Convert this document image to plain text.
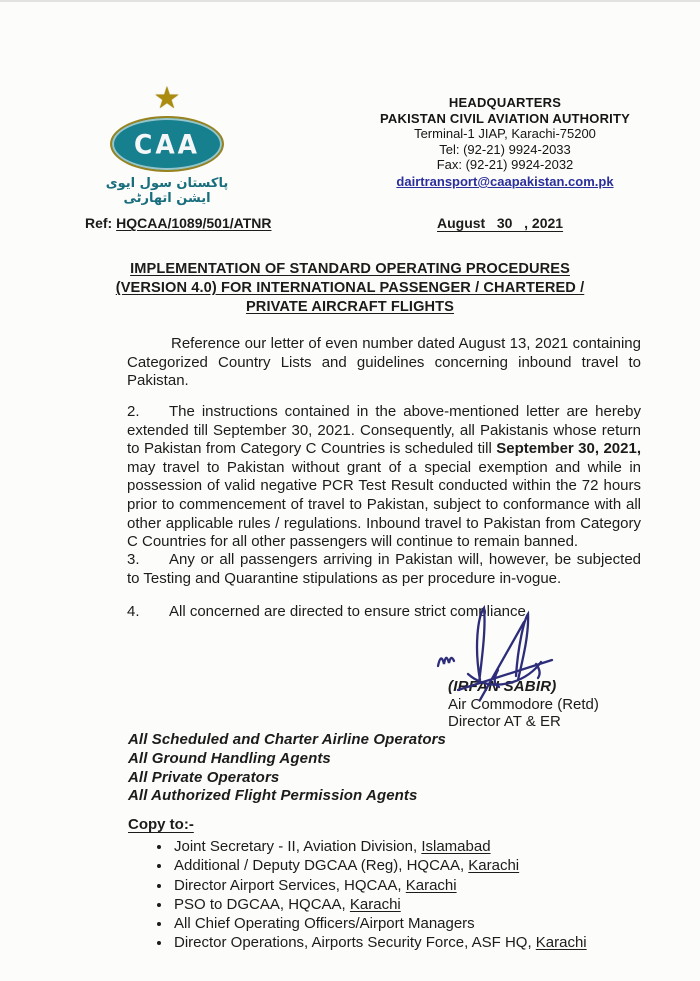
★
CAA
پاکستان سول ایوی ایشن اتھارٹی
HEADQUARTERS
PAKISTAN CIVIL AVIATION AUTHORITY
Terminal-1 JIAP, Karachi-75200
Tel: (92-21) 9924-2033
Fax: (92-21) 9924-2032
dairtransport@caapakistan.com.pk
Ref: HQCAA/1089/501/ATNR	August   30   , 2021
IMPLEMENTATION OF STANDARD OPERATING PROCEDURES
(VERSION 4.0) FOR INTERNATIONAL PASSENGER / CHARTERED /
PRIVATE AIRCRAFT FLIGHTS

Reference our letter of even number dated August 13, 2021 containing Categorized Country Lists and guidelines concerning inbound travel to Pakistan.

2. The instructions contained in the above-mentioned letter are hereby extended till September 30, 2021. Consequently, all Pakistanis whose return to Pakistan from Category C Countries is scheduled till September 30, 2021, may travel to Pakistan without grant of a special exemption and while in possession of valid negative PCR Test Result conducted within the 72 hours prior to commencement of travel to Pakistan, subject to conformance with all other applicable rules / regulations. Inbound travel to Pakistan from Category C Countries for all other passengers will continue to remain banned.

3. Any or all passengers arriving in Pakistan will, however, be subjected to Testing and Quarantine stipulations as per procedure in-vogue.

4. All concerned are directed to ensure strict compliance.

(IRFAN SABIR)
Air Commodore (Retd)
Director AT & ER
All Scheduled and Charter Airline Operators
All Ground Handling Agents
All Private Operators
All Authorized Flight Permission Agents
Copy to:-
• Joint Secretary - II, Aviation Division, Islamabad
• Additional / Deputy DGCAA (Reg), HQCAA, Karachi
• Director Airport Services, HQCAA, Karachi
• PSO to DGCAA, HQCAA, Karachi
• All Chief Operating Officers/Airport Managers
• Director Operations, Airports Security Force, ASF HQ, Karachi
